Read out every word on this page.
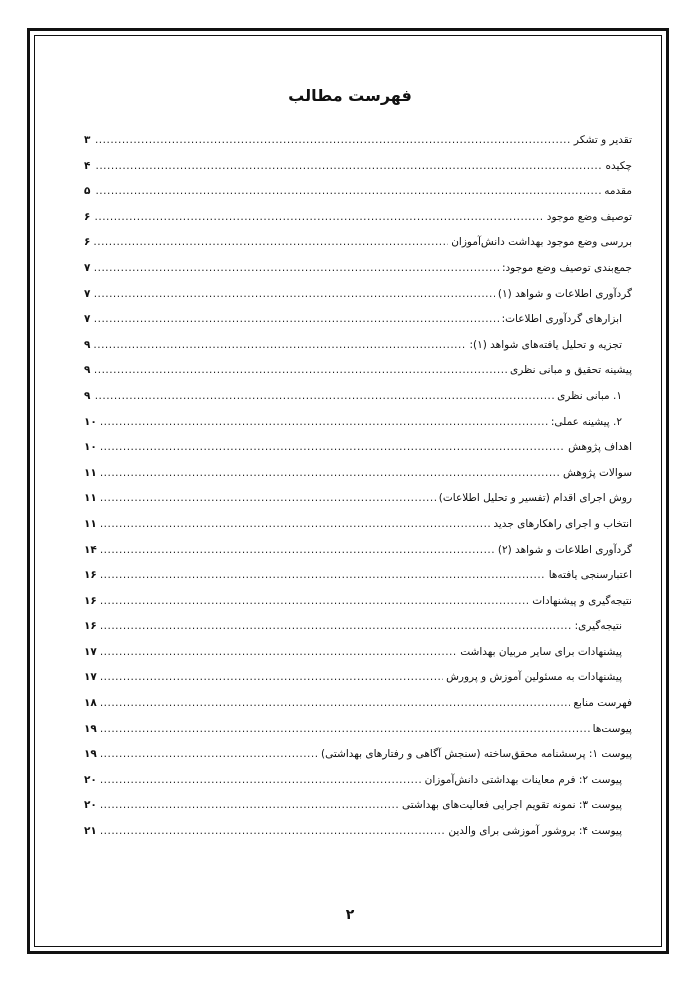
فهرست مطالب
تقدیر و تشکر
.....
۳
چکیده
.....
۴
مقدمه
.....
۵
توصیف وضع موجود
.....
۶
بررسی وضع موجود بهداشت دانش‌آموزان
.....
۶
جمع‌بندی توصیف وضع موجود:
.....
۷
گردآوری اطلاعات و شواهد (۱)
.....
۷
ابزارهای گردآوری اطلاعات:
.....
۷
تجزیه و تحلیل یافته‌های شواهد (۱):
.....
۹
پیشینه تحقیق و مبانی نظری
.....
۹
۱. مبانی نظری
.....
۹
۲. پیشینه عملی:
.....
۱۰
اهداف پژوهش
.....
۱۰
سوالات پژوهش
.....
۱۱
روش اجرای اقدام (تفسیر و تحلیل اطلاعات)
.....
۱۱
انتخاب و اجرای راهکارهای جدید
.....
۱۱
گردآوری اطلاعات و شواهد (۲)
.....
۱۴
اعتبارسنجی یافته‌ها
.....
۱۶
نتیجه‌گیری و پیشنهادات
.....
۱۶
نتیجه‌گیری:
.....
۱۶
پیشنهادات برای سایر مربیان بهداشت
.....
۱۷
پیشنهادات به مسئولین آموزش و پرورش
.....
۱۷
فهرست منابع
.....
۱۸
پیوست‌ها
.....
۱۹
پیوست ۱: پرسشنامه محقق‌ساخته (سنجش آگاهی و رفتارهای بهداشتی)
.....
۱۹
پیوست ۲: فرم معاینات بهداشتی دانش‌آموزان
.....
۲۰
پیوست ۳: نمونه تقویم اجرایی فعالیت‌های بهداشتی
.....
۲۰
پیوست ۴: بروشور آموزشی برای والدین
.....
۲۱
۲
